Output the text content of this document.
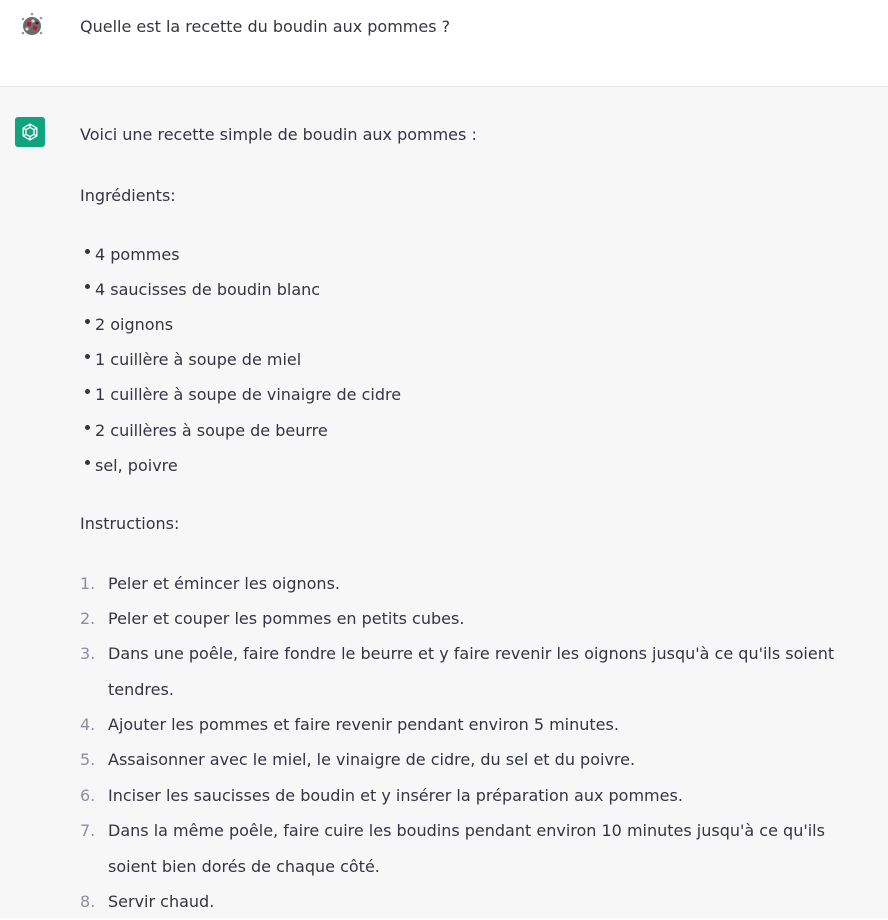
Quelle est la recette du boudin aux pommes ?
Voici une recette simple de boudin aux pommes :
Ingrédients:
4 pommes
4 saucisses de boudin blanc
2 oignons
1 cuillère à soupe de miel
1 cuillère à soupe de vinaigre de cidre
2 cuillères à soupe de beurre
sel, poivre
Instructions:
1. Peler et émincer les oignons.
2. Peler et couper les pommes en petits cubes.
3. Dans une poêle, faire fondre le beurre et y faire revenir les oignons jusqu'à ce qu'ils soient tendres.
4. Ajouter les pommes et faire revenir pendant environ 5 minutes.
5. Assaisonner avec le miel, le vinaigre de cidre, du sel et du poivre.
6. Inciser les saucisses de boudin et y insérer la préparation aux pommes.
7. Dans la même poêle, faire cuire les boudins pendant environ 10 minutes jusqu'à ce qu'ils soient bien dorés de chaque côté.
8. Servir chaud.
